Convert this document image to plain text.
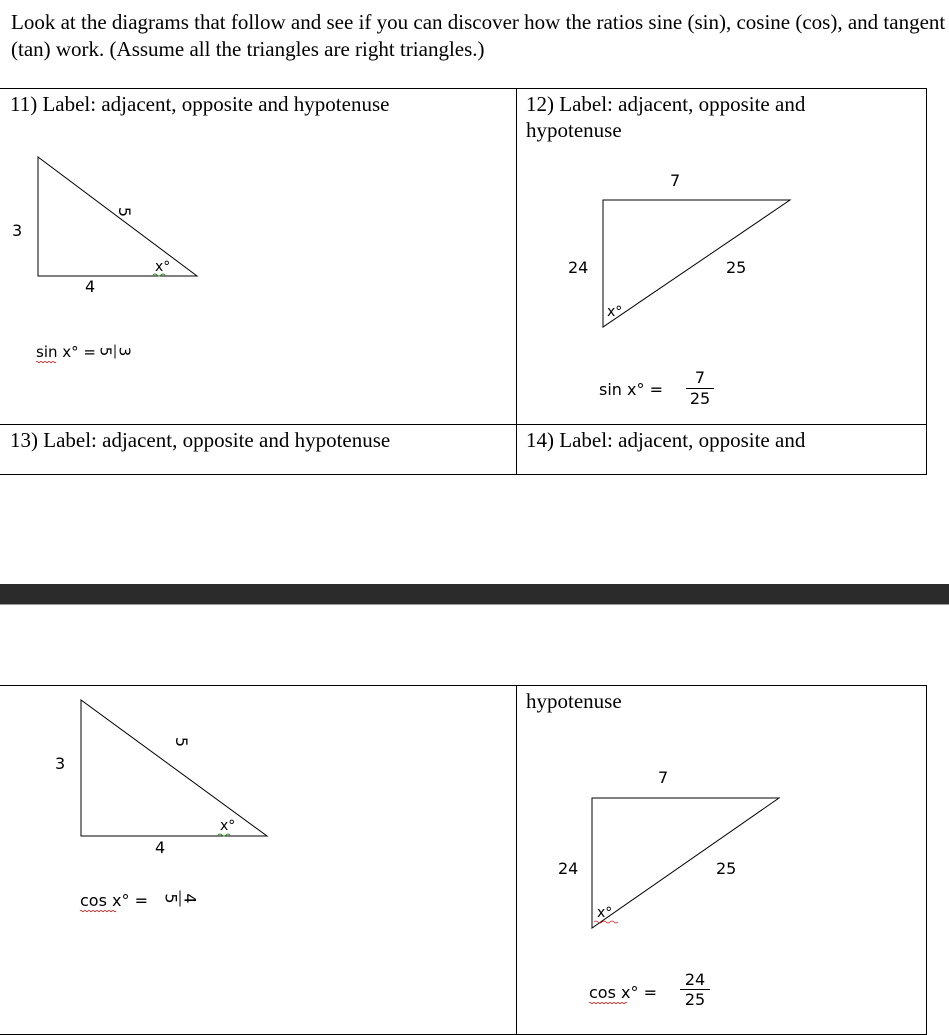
Look at the diagrams that follow and see if you can discover how the ratios sine (sin), cosine (cos), and tangent (tan) work. (Assume all the triangles are right triangles.)
11) Label: adjacent, opposite and hypotenuse
3
5
4
x°
sin x° =	3
5
12) Label: adjacent, opposite and
hypotenuse
7
24	25
x°
sin x° =
7
25
13) Label: adjacent, opposite and hypotenuse	14) Label: adjacent, opposite and
3
5
4
x°
cos x° =	4
5
hypotenuse
7
24	25
x°
cos x° =
24
25
